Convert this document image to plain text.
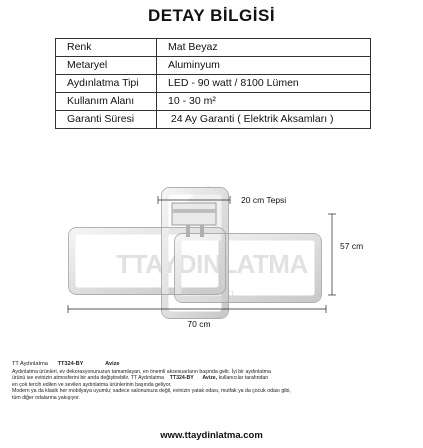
DETAY BİLGİSİ
Renk	Mat Beyaz
Metaryel	Aluminyum
Aydınlatma Tipi	LED - 90 watt / 8100 Lümen
Kullanım Alanı	10 - 30 m²
Garanti Süresi	24 Ay Garanti ( Elektrik Aksamları )
TTAYDINLATMA
lighting
20 cm Tepsi
57 cm
70 cm
TT Aydınlatma TT324-BY	Avize

Aydınlatma ürünleri, ev dekorasyonunuzun tamamlayan, en önemli aksesuarların başında gelir. İyi bir aydınlatma

ürünü ise evinizin atmosferini bir anda değiştirebilir. TT Aydınlatma TT324-BY Avize, kullanıcılar tarafından

en çok tercih edilen ve sevilen aydınlatma ürünlerinin başında geliyor.

Modern ya da klasik her mobilyaya uyumlu; sadece salonunuza değil, evinizin yatak odası, mutfak ya da çocuk odası gibi,

tüm diğer odalarına yakışıyor.

www.ttaydinlatma.com
